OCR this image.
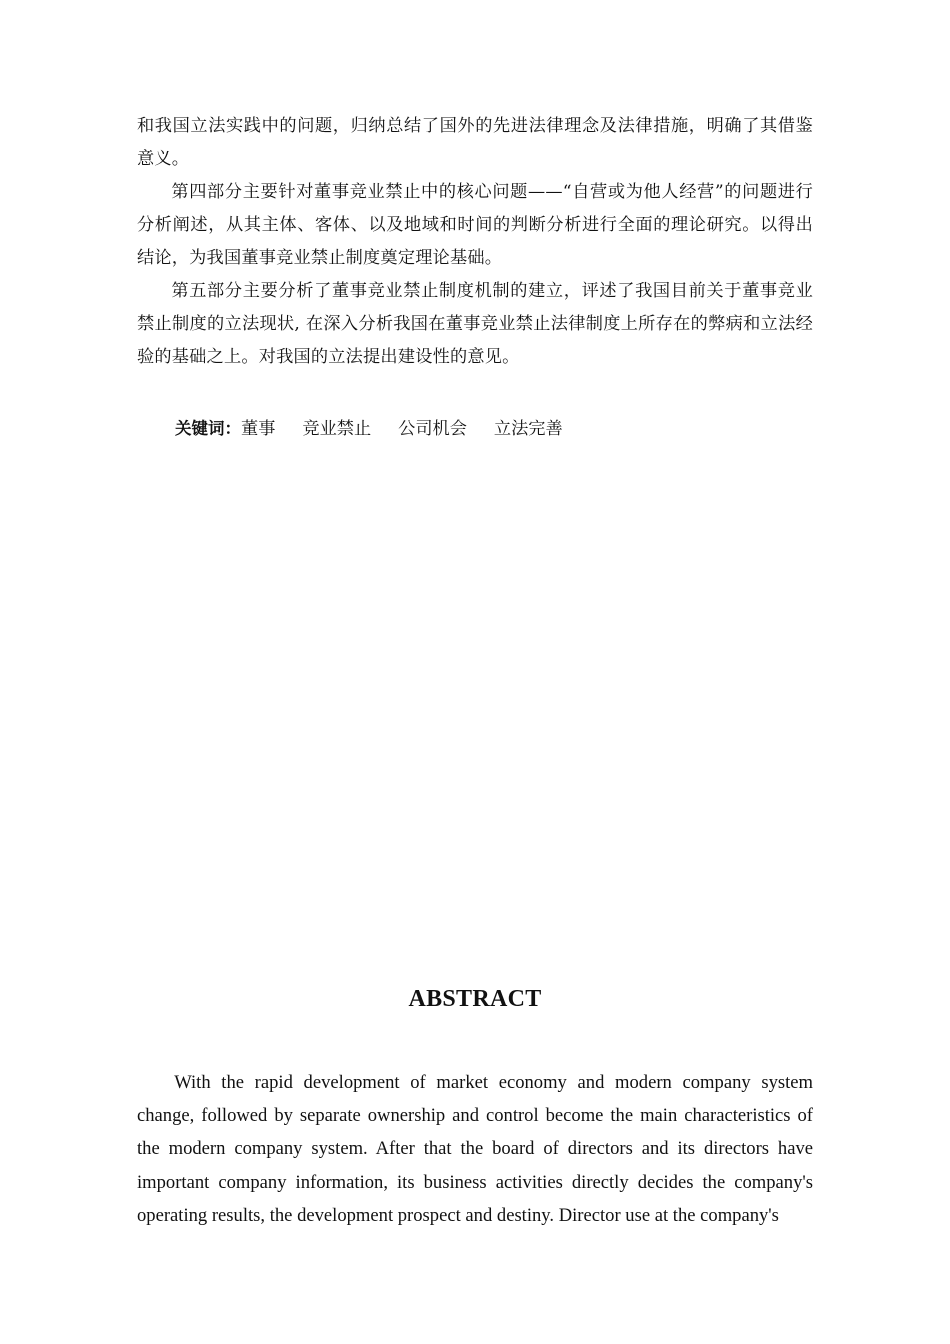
和我国立法实践中的问题，归纳总结了国外的先进法律理念及法律措施，明确了其借鉴意义。

第四部分主要针对董事竞业禁止中的核心问题——“自营或为他人经营”的问题进行分析阐述，从其主体、客体、以及地域和时间的判断分析进行全面的理论研究。以得出结论，为我国董事竞业禁止制度奠定理论基础。

第五部分主要分析了董事竞业禁止制度机制的建立，评述了我国目前关于董事竞业禁止制度的立法现状, 在深入分析我国在董事竞业禁止法律制度上所存在的弊病和立法经验的基础之上。对我国的立法提出建设性的意见。

关键词：董事 竞业禁止 公司机会 立法完善
ABSTRACT

With the rapid development of market economy and modern company system change, followed by separate ownership and control become the main characteristics of the modern company system. After that the board of directors and its directors have important company information, its business activities directly decides the company's operating results, the development prospect and destiny. Director use at the company's
